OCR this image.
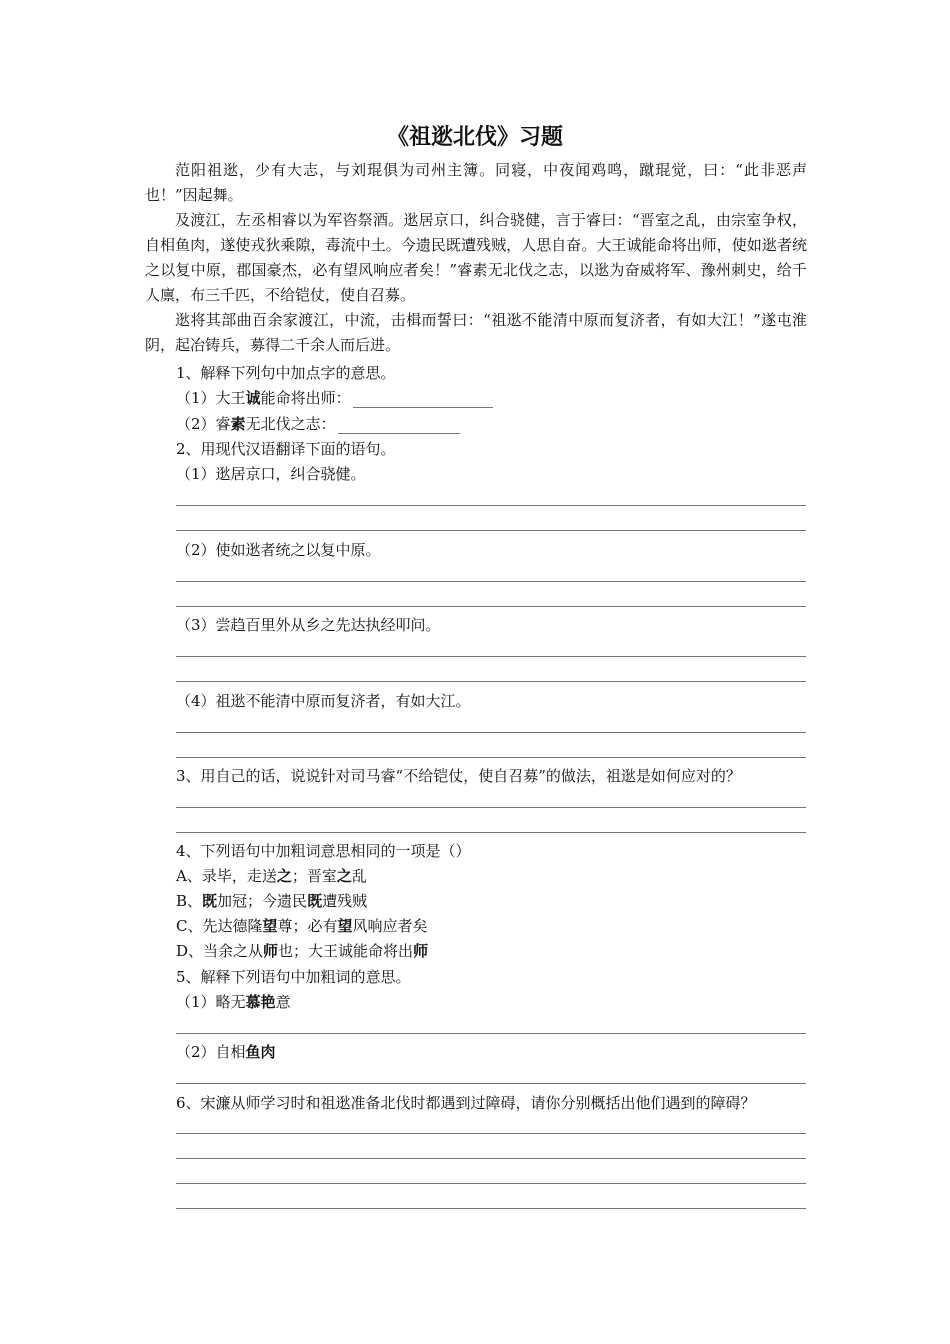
《祖逖北伐》习题
范阳祖逖，少有大志，与刘琨俱为司州主簿。同寝，中夜闻鸡鸣，蹴琨觉，曰：“此非恶声也！”因起舞。
及渡江，左丞相睿以为军咨祭酒。逖居京口，纠合骁健，言于睿曰：“晋室之乱，由宗室争权，自相鱼肉，遂使戎狄乘隙，毒流中土。今遗民既遭残贼，人思自奋。大王诚能命将出师，使如逖者统之以复中原，郡国豪杰，必有望风响应者矣！”睿素无北伐之志，以逖为奋威将军、豫州刺史，给千人廪，布三千匹，不给铠仗，使自召募。
逖将其部曲百余家渡江，中流，击楫而誓曰：“祖逖不能清中原而复济者，有如大江！”遂屯淮阴，起冶铸兵，募得二千余人而后进。
1、解释下列句中加点字的意思。
（1）大王诚能命将出师：
（2）睿素无北伐之志：
2、用现代汉语翻译下面的语句。
（1）逖居京口，纠合骁健。
（2）使如逖者统之以复中原。
（3）尝趋百里外从乡之先达执经叩问。
（4）祖逖不能清中原而复济者，有如大江。
3、用自己的话，说说针对司马睿“不给铠仗，使自召募”的做法，祖逖是如何应对的？
4、下列语句中加粗词意思相同的一项是（）
A、录毕，走送之；晋室之乱
B、既加冠；今遗民既遭残贼
C、先达德隆望尊；必有望风响应者矣
D、当余之从师也；大王诚能命将出师
5、解释下列语句中加粗词的意思。
（1）略无慕艳意
（2）自相鱼肉
6、宋濂从师学习时和祖逖准备北伐时都遇到过障碍，请你分别概括出他们遇到的障碍？
